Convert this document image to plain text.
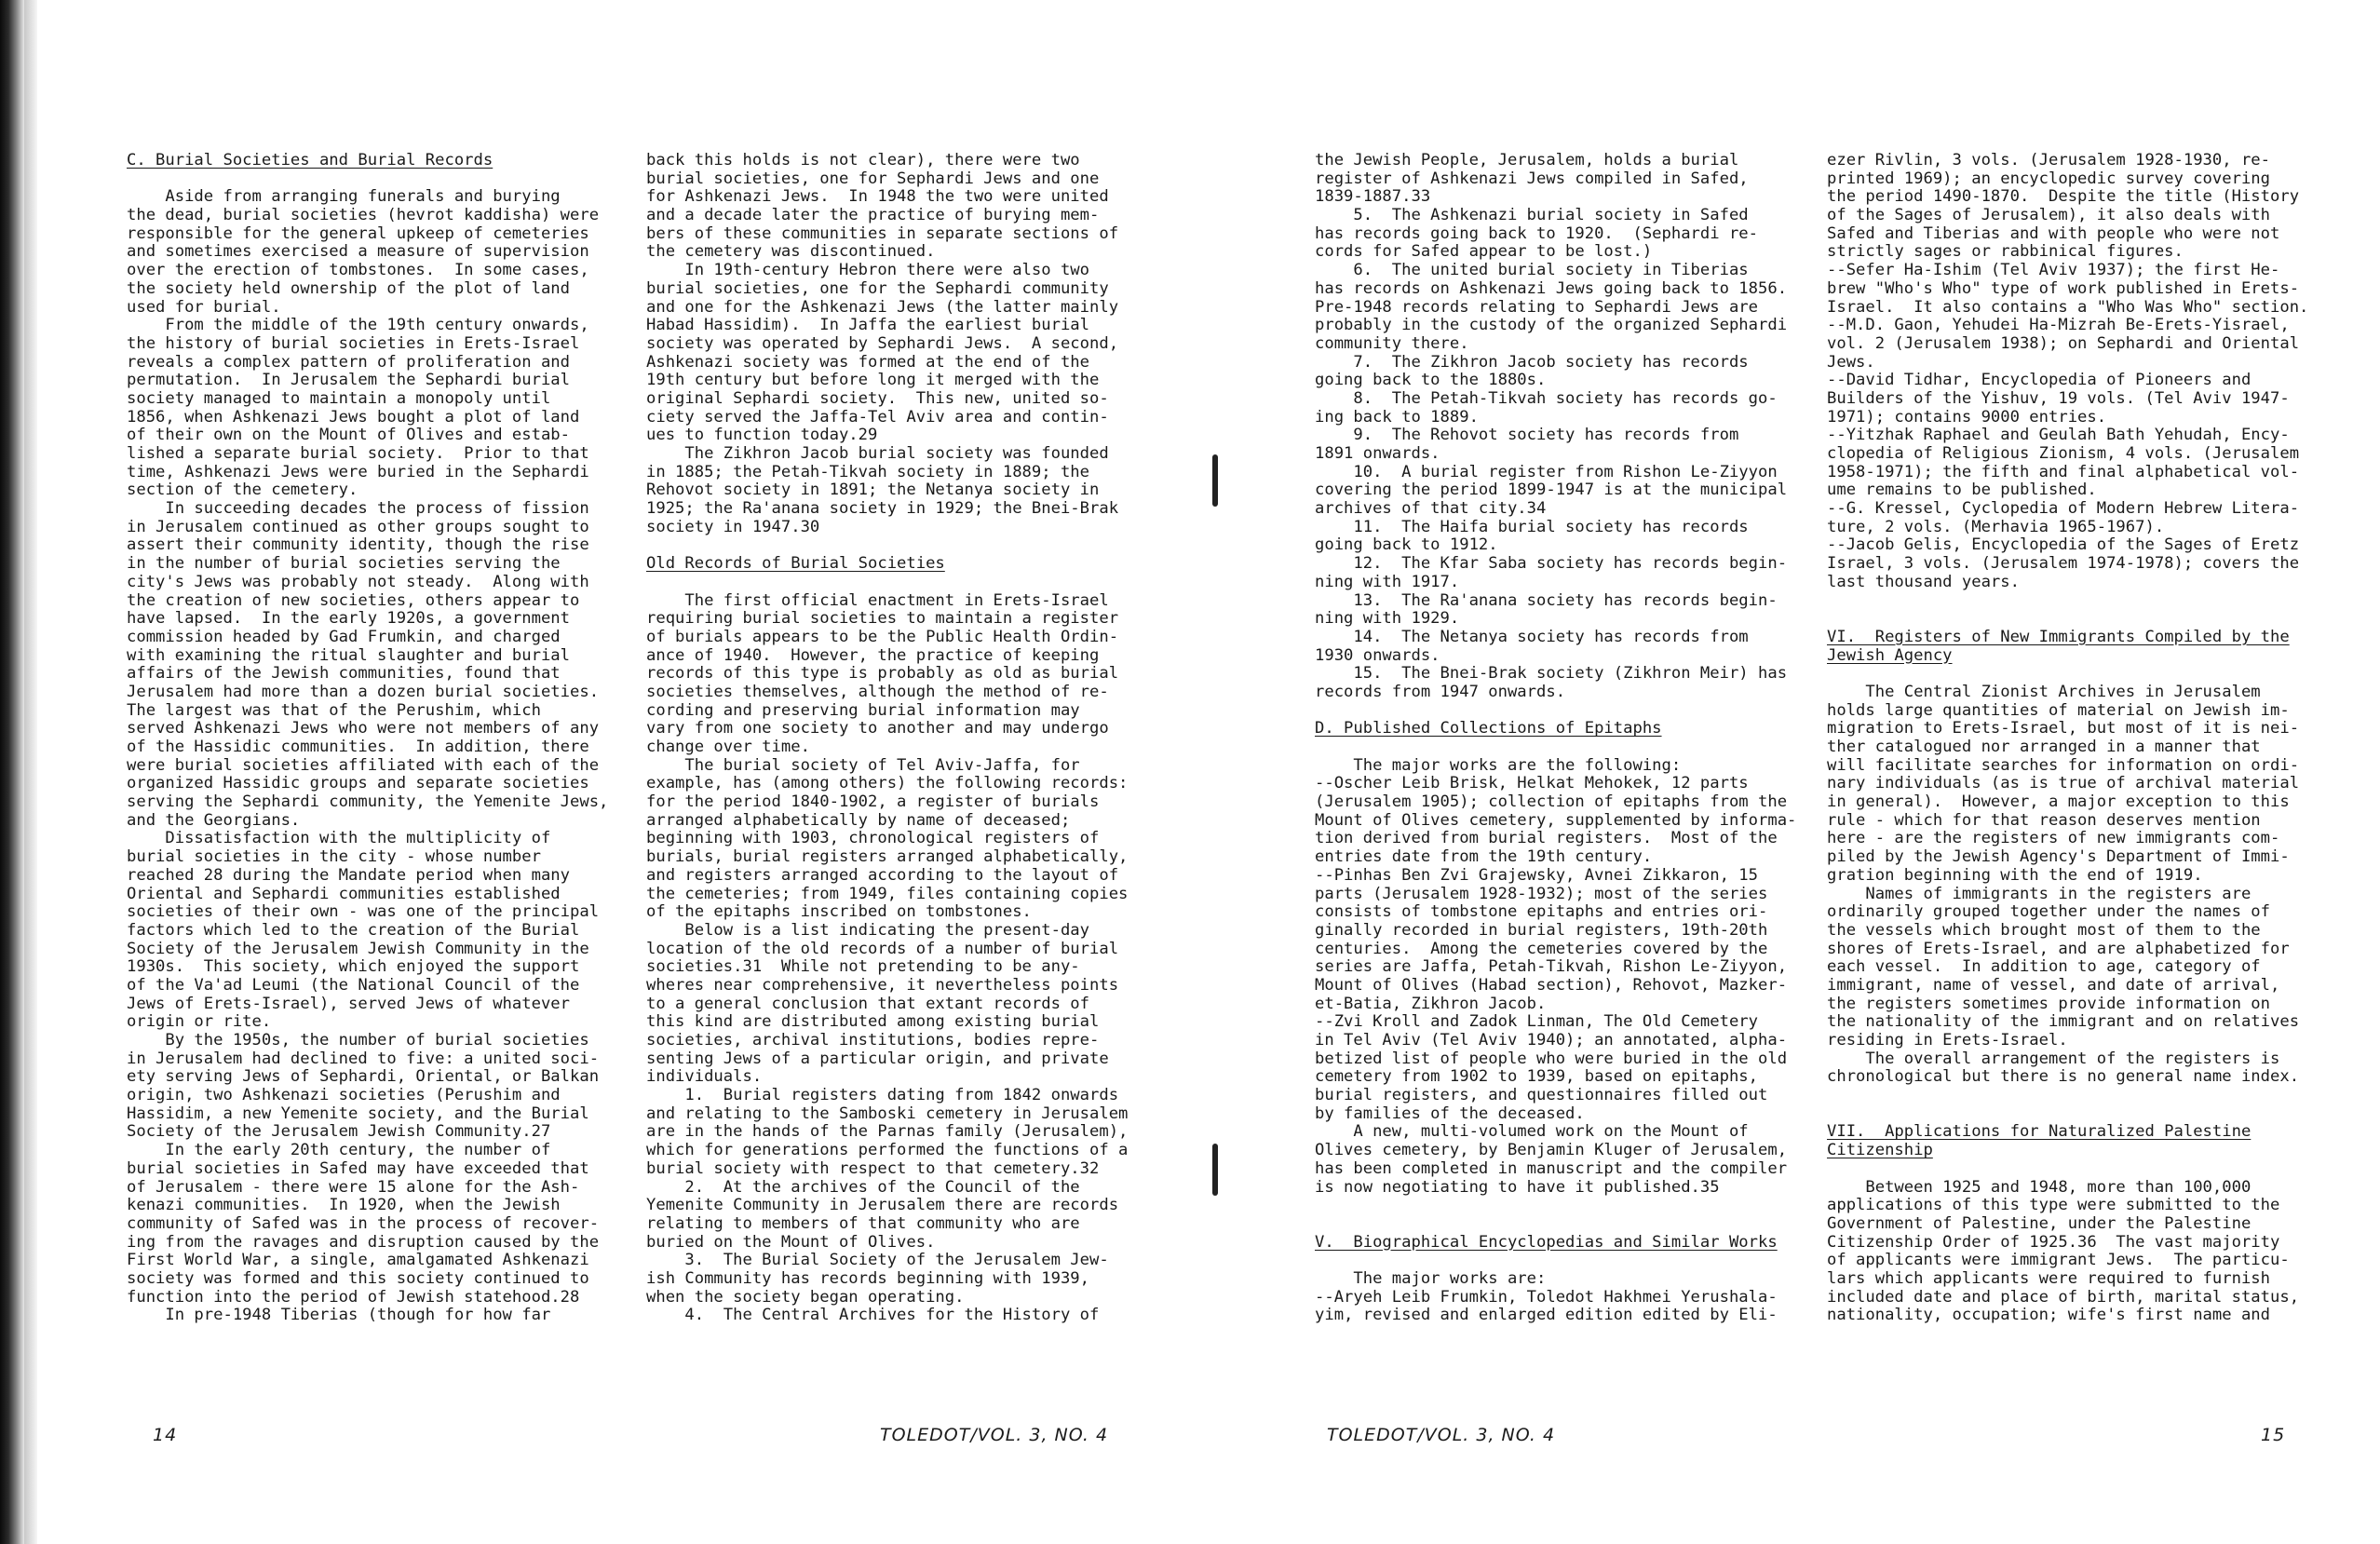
C. Burial Societies and Burial Records
Aside from arranging funerals and burying
the dead, burial societies (hevrot kaddisha) were
responsible for the general upkeep of cemeteries
and sometimes exercised a measure of supervision
over the erection of tombstones.  In some cases,
the society held ownership of the plot of land
used for burial.
From the middle of the 19th century onwards,
the history of burial societies in Erets-Israel
reveals a complex pattern of proliferation and
permutation.  In Jerusalem the Sephardi burial
society managed to maintain a monopoly until
1856, when Ashkenazi Jews bought a plot of land
of their own on the Mount of Olives and estab-
lished a separate burial society.  Prior to that
time, Ashkenazi Jews were buried in the Sephardi
section of the cemetery.
In succeeding decades the process of fission
in Jerusalem continued as other groups sought to
assert their community identity, though the rise
in the number of burial societies serving the
city's Jews was probably not steady.  Along with
the creation of new societies, others appear to
have lapsed.  In the early 1920s, a government
commission headed by Gad Frumkin, and charged
with examining the ritual slaughter and burial
affairs of the Jewish communities, found that
Jerusalem had more than a dozen burial societies.
The largest was that of the Perushim, which
served Ashkenazi Jews who were not members of any
of the Hassidic communities.  In addition, there
were burial societies affiliated with each of the
organized Hassidic groups and separate societies
serving the Sephardi community, the Yemenite Jews,
and the Georgians.
Dissatisfaction with the multiplicity of
burial societies in the city - whose number
reached 28 during the Mandate period when many
Oriental and Sephardi communities established
societies of their own - was one of the principal
factors which led to the creation of the Burial
Society of the Jerusalem Jewish Community in the
1930s.  This society, which enjoyed the support
of the Va'ad Leumi (the National Council of the
Jews of Erets-Israel), served Jews of whatever
origin or rite.
By the 1950s, the number of burial societies
in Jerusalem had declined to five: a united soci-
ety serving Jews of Sephardi, Oriental, or Balkan
origin, two Ashkenazi societies (Perushim and
Hassidim, a new Yemenite society, and the Burial
Society of the Jerusalem Jewish Community.27
In the early 20th century, the number of
burial societies in Safed may have exceeded that
of Jerusalem - there were 15 alone for the Ash-
kenazi communities.  In 1920, when the Jewish
community of Safed was in the process of recover-
ing from the ravages and disruption caused by the
First World War, a single, amalgamated Ashkenazi
society was formed and this society continued to
function into the period of Jewish statehood.28
In pre-1948 Tiberias (though for how far
back this holds is not clear), there were two
burial societies, one for Sephardi Jews and one
for Ashkenazi Jews.  In 1948 the two were united
and a decade later the practice of burying mem-
bers of these communities in separate sections of
the cemetery was discontinued.
In 19th-century Hebron there were also two
burial societies, one for the Sephardi community
and one for the Ashkenazi Jews (the latter mainly
Habad Hassidim).  In Jaffa the earliest burial
society was operated by Sephardi Jews.  A second,
Ashkenazi society was formed at the end of the
19th century but before long it merged with the
original Sephardi society.  This new, united so-
ciety served the Jaffa-Tel Aviv area and contin-
ues to function today.29
The Zikhron Jacob burial society was founded
in 1885; the Petah-Tikvah society in 1889; the
Rehovot society in 1891; the Netanya society in
1925; the Ra'anana society in 1929; the Bnei-Brak
society in 1947.30
Old Records of Burial Societies
The first official enactment in Erets-Israel
requiring burial societies to maintain a register
of burials appears to be the Public Health Ordin-
ance of 1940.  However, the practice of keeping
records of this type is probably as old as burial
societies themselves, although the method of re-
cording and preserving burial information may
vary from one society to another and may undergo
change over time.
The burial society of Tel Aviv-Jaffa, for
example, has (among others) the following records:
for the period 1840-1902, a register of burials
arranged alphabetically by name of deceased;
beginning with 1903, chronological registers of
burials, burial registers arranged alphabetically,
and registers arranged according to the layout of
the cemeteries; from 1949, files containing copies
of the epitaphs inscribed on tombstones.
Below is a list indicating the present-day
location of the old records of a number of burial
societies.31  While not pretending to be any-
wheres near comprehensive, it nevertheless points
to a general conclusion that extant records of
this kind are distributed among existing burial
societies, archival institutions, bodies repre-
senting Jews of a particular origin, and private
individuals.
1.  Burial registers dating from 1842 onwards
and relating to the Samboski cemetery in Jerusalem
are in the hands of the Parnas family (Jerusalem),
which for generations performed the functions of a
burial society with respect to that cemetery.32
2.  At the archives of the Council of the
Yemenite Community in Jerusalem there are records
relating to members of that community who are
buried on the Mount of Olives.
3.  The Burial Society of the Jerusalem Jew-
ish Community has records beginning with 1939,
when the society began operating.
4.  The Central Archives for the History of
the Jewish People, Jerusalem, holds a burial
register of Ashkenazi Jews compiled in Safed,
1839-1887.33
5.  The Ashkenazi burial society in Safed
has records going back to 1920.  (Sephardi re-
cords for Safed appear to be lost.)
6.  The united burial society in Tiberias
has records on Ashkenazi Jews going back to 1856.
Pre-1948 records relating to Sephardi Jews are
probably in the custody of the organized Sephardi
community there.
7.  The Zikhron Jacob society has records
going back to the 1880s.
8.  The Petah-Tikvah society has records go-
ing back to 1889.
9.  The Rehovot society has records from
1891 onwards.
10.  A burial register from Rishon Le-Ziyyon
covering the period 1899-1947 is at the municipal
archives of that city.34
11.  The Haifa burial society has records
going back to 1912.
12.  The Kfar Saba society has records begin-
ning with 1917.
13.  The Ra'anana society has records begin-
ning with 1929.
14.  The Netanya society has records from
1930 onwards.
15.  The Bnei-Brak society (Zikhron Meir) has
records from 1947 onwards.
D. Published Collections of Epitaphs
The major works are the following:
--Oscher Leib Brisk, Helkat Mehokek, 12 parts
(Jerusalem 1905); collection of epitaphs from the
Mount of Olives cemetery, supplemented by informa-
tion derived from burial registers.  Most of the
entries date from the 19th century.
--Pinhas Ben Zvi Grajewsky, Avnei Zikkaron, 15
parts (Jerusalem 1928-1932); most of the series
consists of tombstone epitaphs and entries ori-
ginally recorded in burial registers, 19th-20th
centuries.  Among the cemeteries covered by the
series are Jaffa, Petah-Tikvah, Rishon Le-Ziyyon,
Mount of Olives (Habad section), Rehovot, Mazker-
et-Batia, Zikhron Jacob.
--Zvi Kroll and Zadok Linman, The Old Cemetery
in Tel Aviv (Tel Aviv 1940); an annotated, alpha-
betized list of people who were buried in the old
cemetery from 1902 to 1939, based on epitaphs,
burial registers, and questionnaires filled out
by families of the deceased.
A new, multi-volumed work on the Mount of
Olives cemetery, by Benjamin Kluger of Jerusalem,
has been completed in manuscript and the compiler
is now negotiating to have it published.35
V.  Biographical Encyclopedias and Similar Works
The major works are:
--Aryeh Leib Frumkin, Toledot Hakhmei Yerushala-
yim, revised and enlarged edition edited by Eli-
ezer Rivlin, 3 vols. (Jerusalem 1928-1930, re-
printed 1969); an encyclopedic survey covering
the period 1490-1870.  Despite the title (History
of the Sages of Jerusalem), it also deals with
Safed and Tiberias and with people who were not
strictly sages or rabbinical figures.
--Sefer Ha-Ishim (Tel Aviv 1937); the first He-
brew "Who's Who" type of work published in Erets-
Israel.  It also contains a "Who Was Who" section.
--M.D. Gaon, Yehudei Ha-Mizrah Be-Erets-Yisrael,
vol. 2 (Jerusalem 1938); on Sephardi and Oriental
Jews.
--David Tidhar, Encyclopedia of Pioneers and
Builders of the Yishuv, 19 vols. (Tel Aviv 1947-
1971); contains 9000 entries.
--Yitzhak Raphael and Geulah Bath Yehudah, Ency-
clopedia of Religious Zionism, 4 vols. (Jerusalem
1958-1971); the fifth and final alphabetical vol-
ume remains to be published.
--G. Kressel, Cyclopedia of Modern Hebrew Litera-
ture, 2 vols. (Merhavia 1965-1967).
--Jacob Gelis, Encyclopedia of the Sages of Eretz
Israel, 3 vols. (Jerusalem 1974-1978); covers the
last thousand years.
VI.  Registers of New Immigrants Compiled by the
Jewish Agency
The Central Zionist Archives in Jerusalem
holds large quantities of material on Jewish im-
migration to Erets-Israel, but most of it is nei-
ther catalogued nor arranged in a manner that
will facilitate searches for information on ordi-
nary individuals (as is true of archival material
in general).  However, a major exception to this
rule - which for that reason deserves mention
here - are the registers of new immigrants com-
piled by the Jewish Agency's Department of Immi-
gration beginning with the end of 1919.
Names of immigrants in the registers are
ordinarily grouped together under the names of
the vessels which brought most of them to the
shores of Erets-Israel, and are alphabetized for
each vessel.  In addition to age, category of
immigrant, name of vessel, and date of arrival,
the registers sometimes provide information on
the nationality of the immigrant and on relatives
residing in Erets-Israel.
The overall arrangement of the registers is
chronological but there is no general name index.
VII.  Applications for Naturalized Palestine
Citizenship
Between 1925 and 1948, more than 100,000
applications of this type were submitted to the
Government of Palestine, under the Palestine
Citizenship Order of 1925.36  The vast majority
of applicants were immigrant Jews.  The particu-
lars which applicants were required to furnish
included date and place of birth, marital status,
nationality, occupation; wife's first name and
14	TOLEDOT/VOL. 3, NO. 4	TOLEDOT/VOL. 3, NO. 4	15
